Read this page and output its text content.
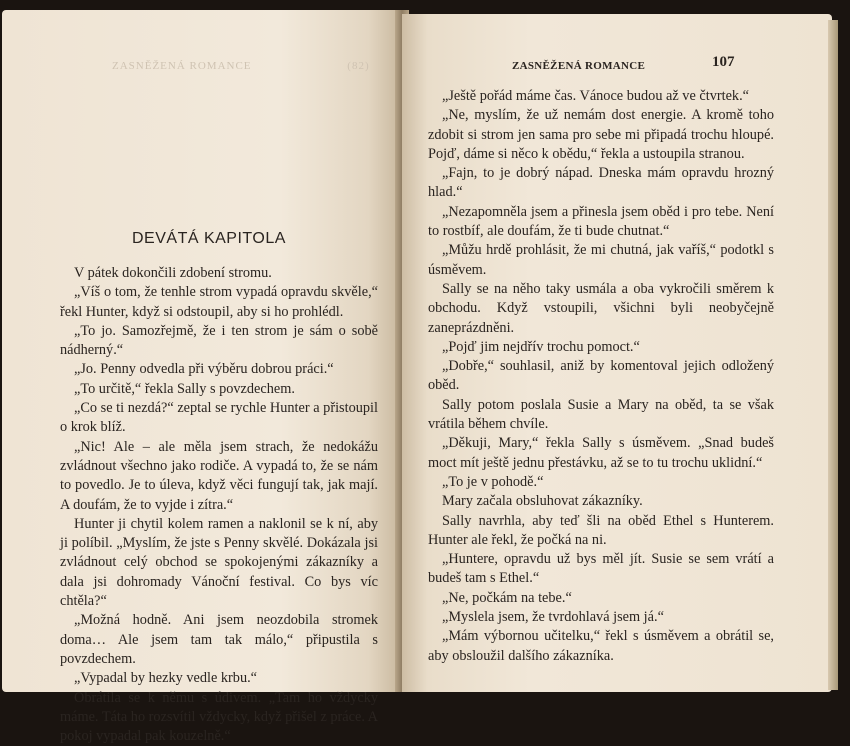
ZASNĚŽENÁ ROMANCE	(82)
DEVÁTÁ KAPITOLA

V pátek dokončili zdobení stromu.

„Víš o tom, že tenhle strom vypadá opravdu skvěle,“ řekl Hunter, když si odstoupil, aby si ho prohlédl.

„To jo. Samozřejmě, že i ten strom je sám o sobě nádherný.“

„Jo. Penny odvedla při výběru dobrou práci.“

„To určitě,“ řekla Sally s povzdechem.

„Co se ti nezdá?“ zeptal se rychle Hunter a přistoupil o krok blíž.

„Nic! Ale – ale měla jsem strach, že nedokážu zvládnout všechno jako rodiče. A vypadá to, že se nám to povedlo. Je to úleva, když věci fungují tak, jak mají. A doufám, že to vyjde i zítra.“

Hunter ji chytil kolem ramen a naklonil se k ní, aby ji políbil. „Myslím, že jste s Penny skvělé. Dokázala jsi zvládnout celý obchod se spokojenými zákazníky a dala jsi dohromady Vánoční festival. Co bys víc chtěla?“

„Možná hodně. Ani jsem neozdobila stromek doma… Ale jsem tam tak málo,“ připustila s povzdechem.

„Vypadal by hezky vedle krbu.“

Obrátila se k němu s údivem. „Tam ho vždycky máme. Táta ho rozsvítil vždycky, když přišel z práce. A pokoj vypadal pak kouzelně.“

ZASNĚŽENÁ ROMANCE	107

„Ještě pořád máme čas. Vánoce budou až ve čtvrtek.“

„Ne, myslím, že už nemám dost energie. A kromě toho zdobit si strom jen sama pro sebe mi připadá trochu hloupé. Pojď, dáme si něco k obědu,“ řekla a ustoupila stranou.

„Fajn, to je dobrý nápad. Dneska mám opravdu hrozný hlad.“

„Nezapomněla jsem a přinesla jsem oběd i pro tebe. Není to rostbíf, ale doufám, že ti bude chutnat.“

„Můžu hrdě prohlásit, že mi chutná, jak vaříš,“ podotkl s úsměvem.

Sally se na něho taky usmála a oba vykročili směrem k obchodu. Když vstoupili, všichni byli neobyčejně zaneprázdněni.

„Pojď jim nejdřív trochu pomoct.“

„Dobře,“ souhlasil, aniž by komentoval jejich odložený oběd.

Sally potom poslala Susie a Mary na oběd, ta se však vrátila během chvíle.

„Děkuji, Mary,“ řekla Sally s úsměvem. „Snad budeš moct mít ještě jednu přestávku, až se to tu trochu uklidní.“

„To je v pohodě.“

Mary začala obsluhovat zákazníky.

Sally navrhla, aby teď šli na oběd Ethel s Hunterem. Hunter ale řekl, že počká na ni.

„Huntere, opravdu už bys měl jít. Susie se sem vrátí a budeš tam s Ethel.“

„Ne, počkám na tebe.“

„Myslela jsem, že tvrdohlavá jsem já.“

„Mám výbornou učitelku,“ řekl s úsměvem a obrátil se, aby obsloužil dalšího zákazníka.
